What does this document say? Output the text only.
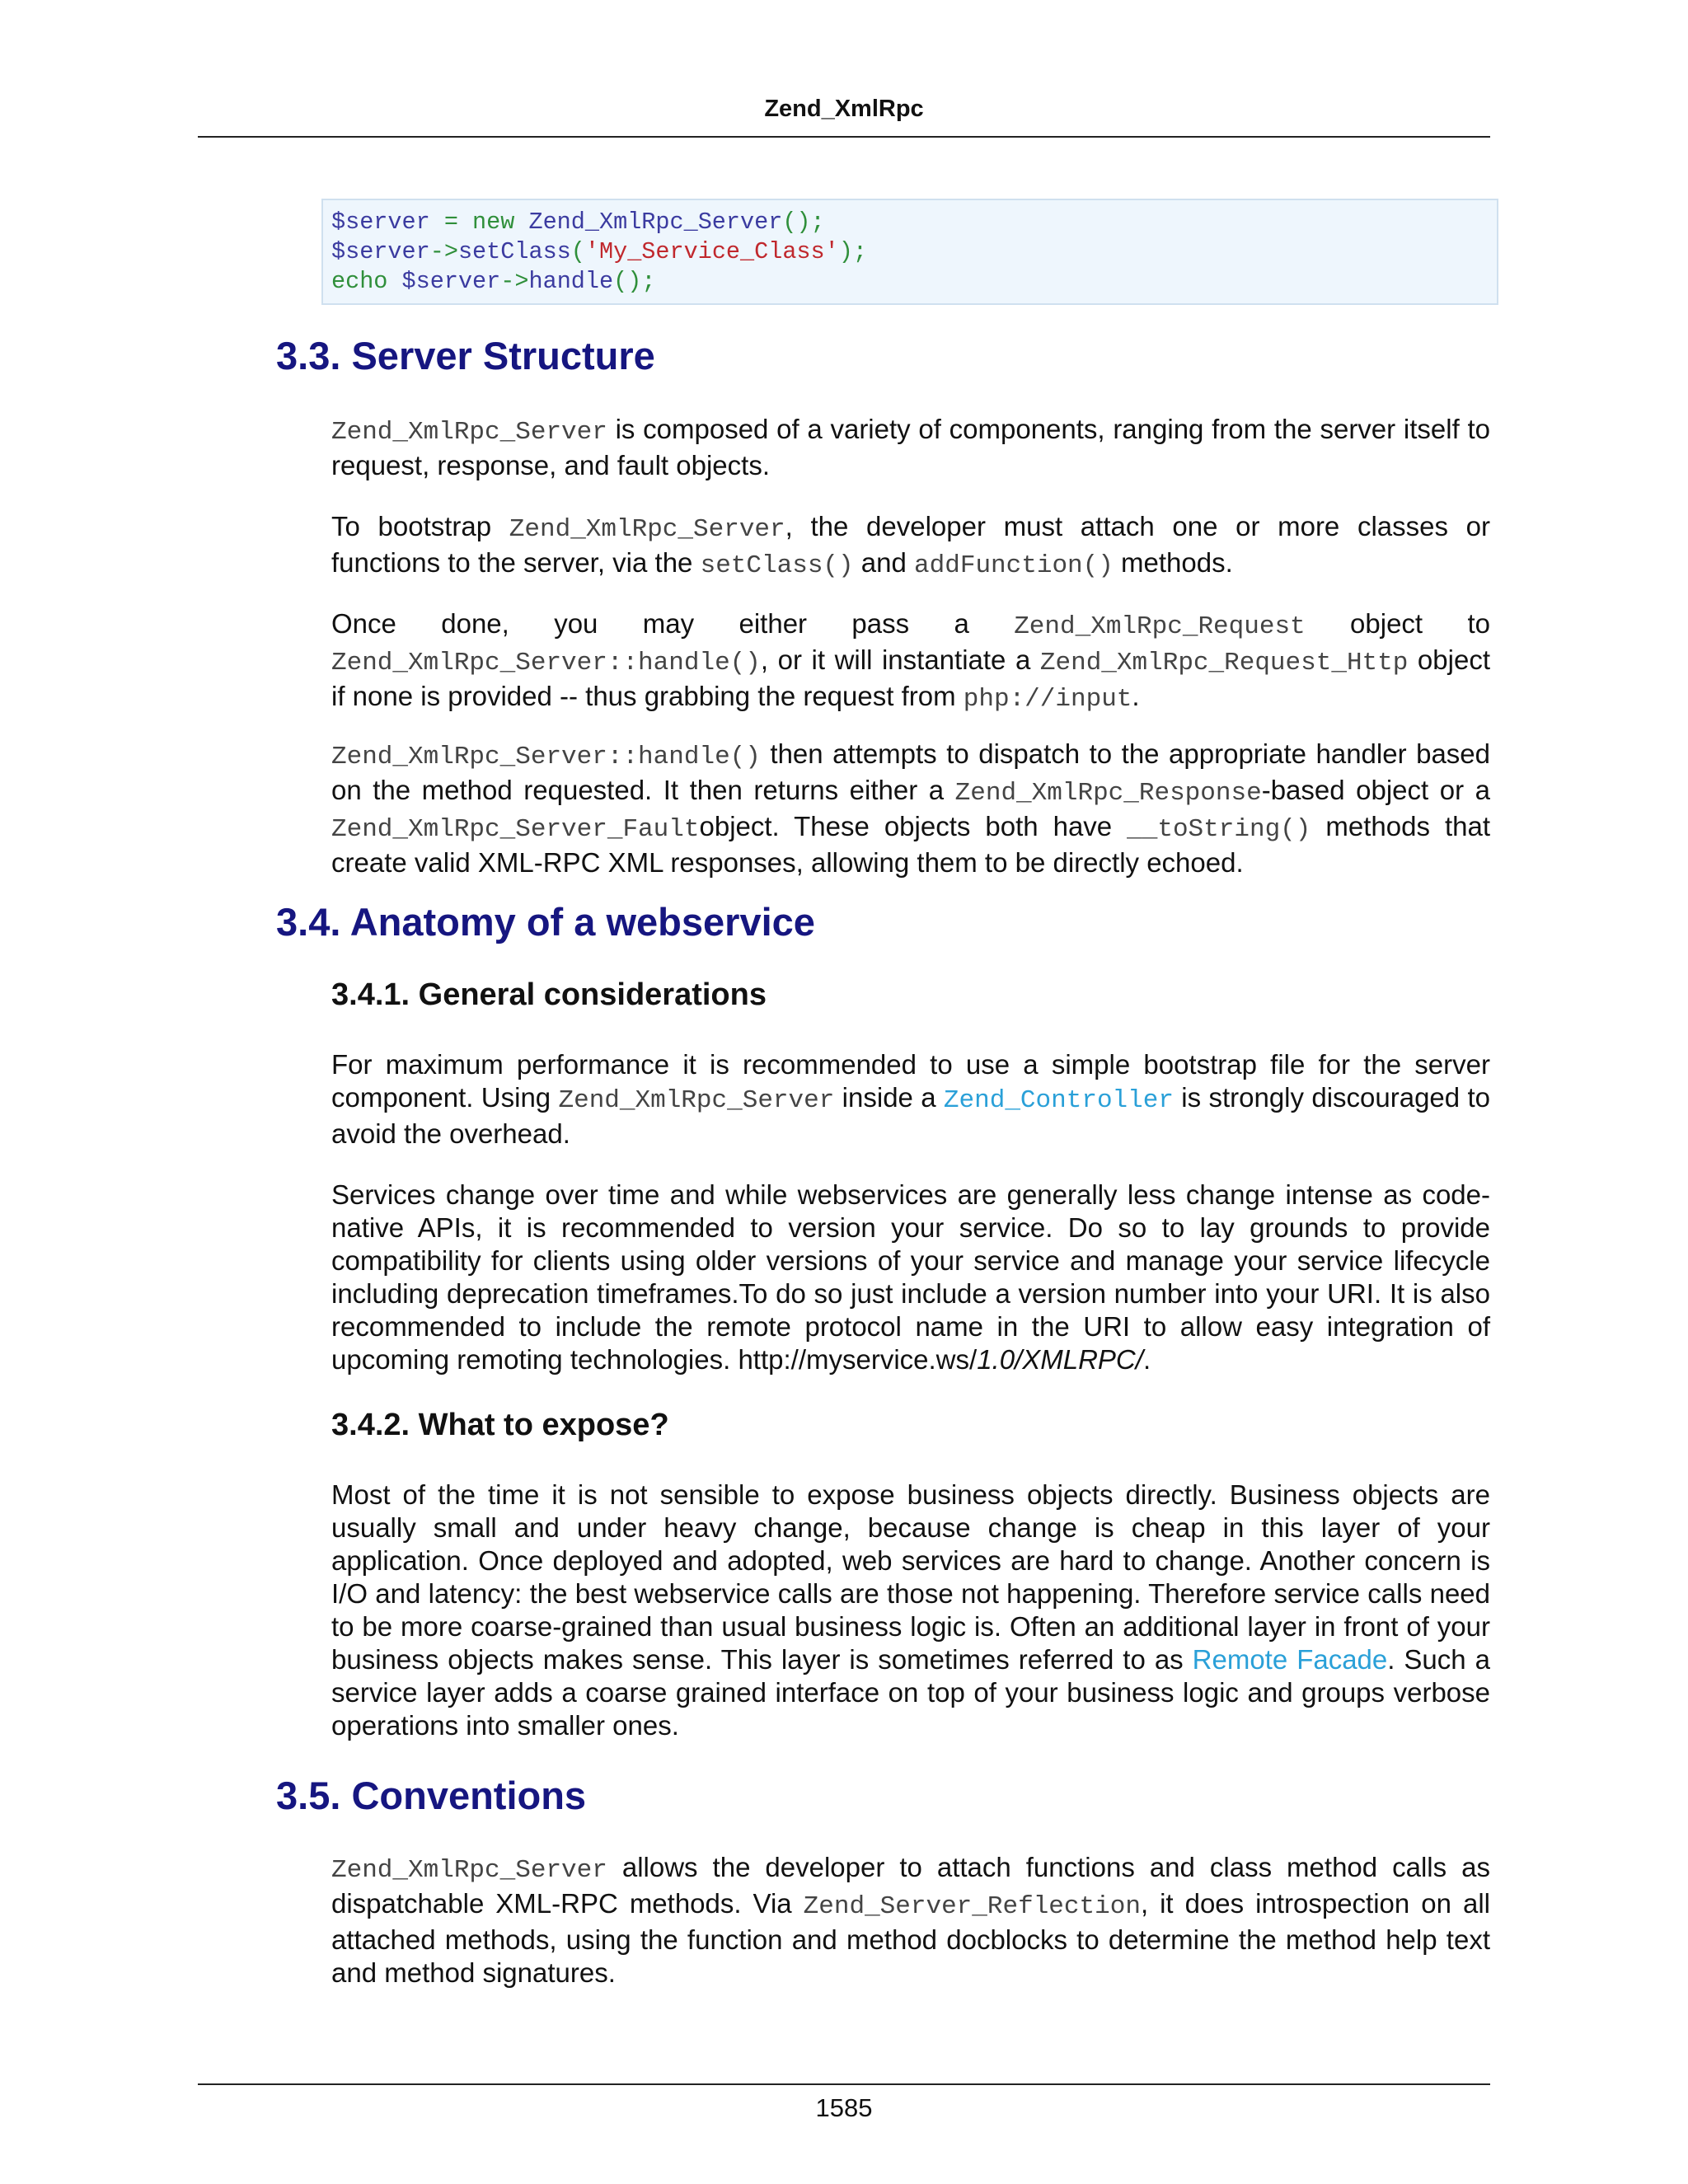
Zend_XmlRpc
$server = new Zend_XmlRpc_Server();
$server->setClass('My_Service_Class');
echo $server->handle();
3.3. Server Structure

Zend_XmlRpc_Server is composed of a variety of components, ranging from the server itself to request, response, and fault objects.

To bootstrap Zend_XmlRpc_Server, the developer must attach one or more classes or functions to the server, via the setClass() and addFunction() methods.

Once done, you may either pass a Zend_XmlRpc_Request object to Zend_XmlRpc_Server::handle(), or it will instantiate a Zend_XmlRpc_Request_Http object if none is provided -- thus grabbing the request from php://input.

Zend_XmlRpc_Server::handle() then attempts to dispatch to the appropriate handler based on the method requested. It then returns either a Zend_XmlRpc_Response-based object or a Zend_XmlRpc_Server_Faultobject. These objects both have __toString() methods that create valid XML-RPC XML responses, allowing them to be directly echoed.

3.4. Anatomy of a webservice
3.4.1. General considerations

For maximum performance it is recommended to use a simple bootstrap file for the server component. Using Zend_XmlRpc_Server inside a Zend_Controller is strongly discouraged to avoid the overhead.

Services change over time and while webservices are generally less change intense as code-native APIs, it is recommended to version your service. Do so to lay grounds to provide compatibility for clients using older versions of your service and manage your service lifecycle including deprecation timeframes.To do so just include a version number into your URI. It is also recommended to include the remote protocol name in the URI to allow easy integration of upcoming remoting technologies. http://myservice.ws/1.0/XMLRPC/.

3.4.2. What to expose?

Most of the time it is not sensible to expose business objects directly. Business objects are usually small and under heavy change, because change is cheap in this layer of your application. Once deployed and adopted, web services are hard to change. Another concern is I/O and latency: the best webservice calls are those not happening. Therefore service calls need to be more coarse-grained than usual business logic is. Often an additional layer in front of your business objects makes sense. This layer is sometimes referred to as Remote Facade. Such a service layer adds a coarse grained interface on top of your business logic and groups verbose operations into smaller ones.

3.5. Conventions

Zend_XmlRpc_Server allows the developer to attach functions and class method calls as dispatchable XML-RPC methods. Via Zend_Server_Reflection, it does introspection on all attached methods, using the function and method docblocks to determine the method help text and method signatures.

1585
